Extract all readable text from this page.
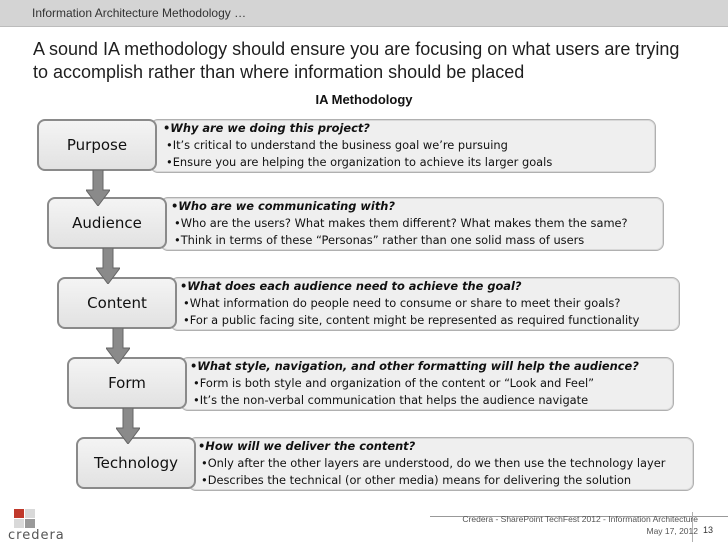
Information Architecture Methodology …
A sound IA methodology should ensure you are focusing on what users are trying to accomplish rather than where information should be placed
IA Methodology
Purpose
•Why are we doing this project?
•It’s critical to understand the business goal we’re pursuing
•Ensure you are helping the organization to achieve its larger goals
Audience
•Who are we communicating with?
•Who are the users? What makes them different? What makes them the same?
•Think in terms of these “Personas” rather than one solid mass of users
Content
•What does each audience need to achieve the goal?
•What information do people need to consume or share to meet their goals?
•For a public facing site, content might be represented as required functionality
Form
•What style, navigation, and other formatting will help the audience?
•Form is both style and organization of the content or “Look and Feel”
•It’s the non-verbal communication that helps the audience navigate
Technology
•How will we deliver the content?
•Only after the other layers are understood, do we then use the technology layer
•Describes the technical (or other media) means for delivering the solution
Credera - SharePoint TechFest 2012 - Information Architecture
May 17, 2012 13
credera
